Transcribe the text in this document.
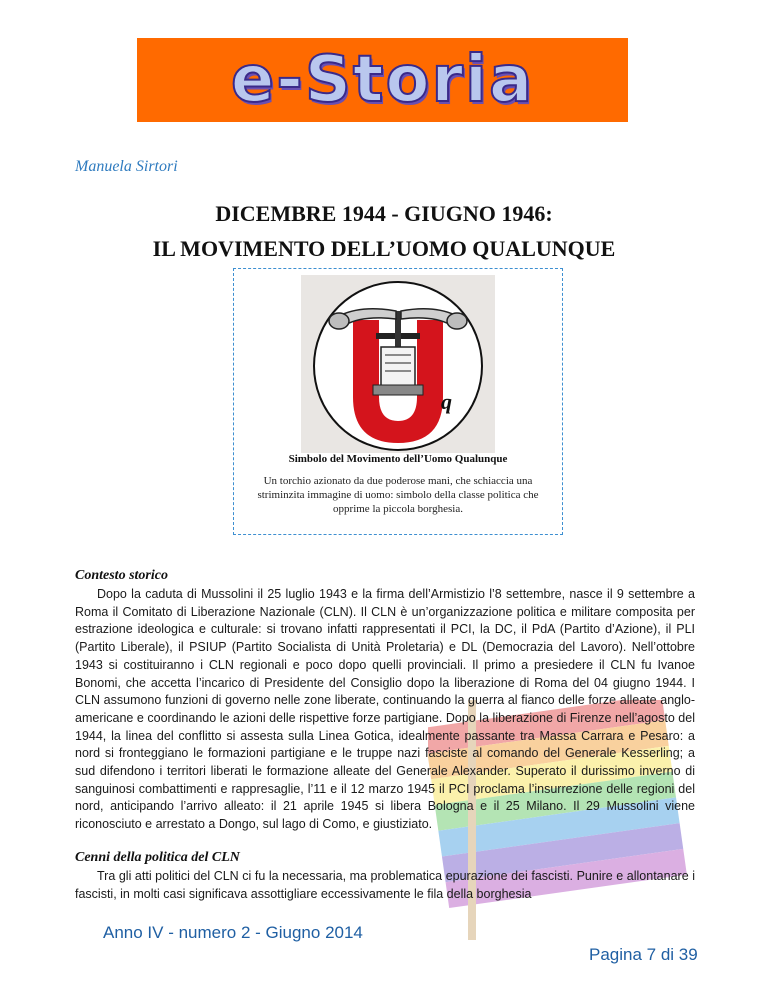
e-Storia
Manuela Sirtori
DICEMBRE 1944 - GIUGNO 1946:
IL MOVIMENTO DELL’UOMO QUALUNQUE
q
Simbolo del Movimento dell’Uomo Qualunque
Un torchio azionato da due poderose mani, che schiaccia una striminzita immagine di uomo: simbolo della classe politica che opprime la piccola borghesia.
Contesto storico
Dopo la caduta di Mussolini il 25 luglio 1943 e la firma dell’Armistizio l’8 settembre, nasce il 9 settembre a Roma il Comitato di Liberazione Nazionale (CLN). Il CLN è un’organizzazione politica e militare composita per estrazione ideologica e culturale: si trovano infatti rappresentati il PCI, la DC, il PdA (Partito d’Azione), il PLI (Partito Liberale), il PSIUP (Partito Socialista di Unità Proletaria) e DL (Democrazia del Lavoro). Nell’ottobre 1943 si costituiranno i CLN regionali e poco dopo quelli provinciali. Il primo a presiedere il CLN fu Ivanoe Bonomi, che accetta l’incarico di Presidente del Consiglio dopo la liberazione di Roma del 04 giugno 1944. I CLN assumono funzioni di governo nelle zone liberate, continuando la guerra al fianco delle forze alleate anglo-americane e coordinando le azioni delle rispettive forze partigiane. Dopo la liberazione di Firenze nell’agosto del 1944, la linea del conflitto si assesta sulla Linea Gotica, idealmente passante tra Massa Carrara e Pesaro: a nord si fronteggiano le formazioni partigiane e le truppe nazi fasciste al comando del Generale Kesserling; a sud difendono i territori liberati le formazione alleate del Generale Alexander. Superato il durissimo inverno di sanguinosi combattimenti e rappresaglie, l’11 e il 12 marzo 1945 il PCI proclama l’insurrezione delle regioni del nord, anticipando l’arrivo alleato: il 21 aprile 1945 si libera Bologna e il 25 Milano. Il 29 Mussolini viene riconosciuto e arrestato a Dongo, sul lago di Como, e giustiziato.
Cenni della politica del CLN
Tra gli atti politici del CLN ci fu la necessaria, ma problematica epurazione dei fascisti. Punire e allontanare i fascisti, in molti casi significava assottigliare eccessivamente le fila della borghesia
Anno IV - numero 2 - Giugno 2014
Pagina 7 di 39
